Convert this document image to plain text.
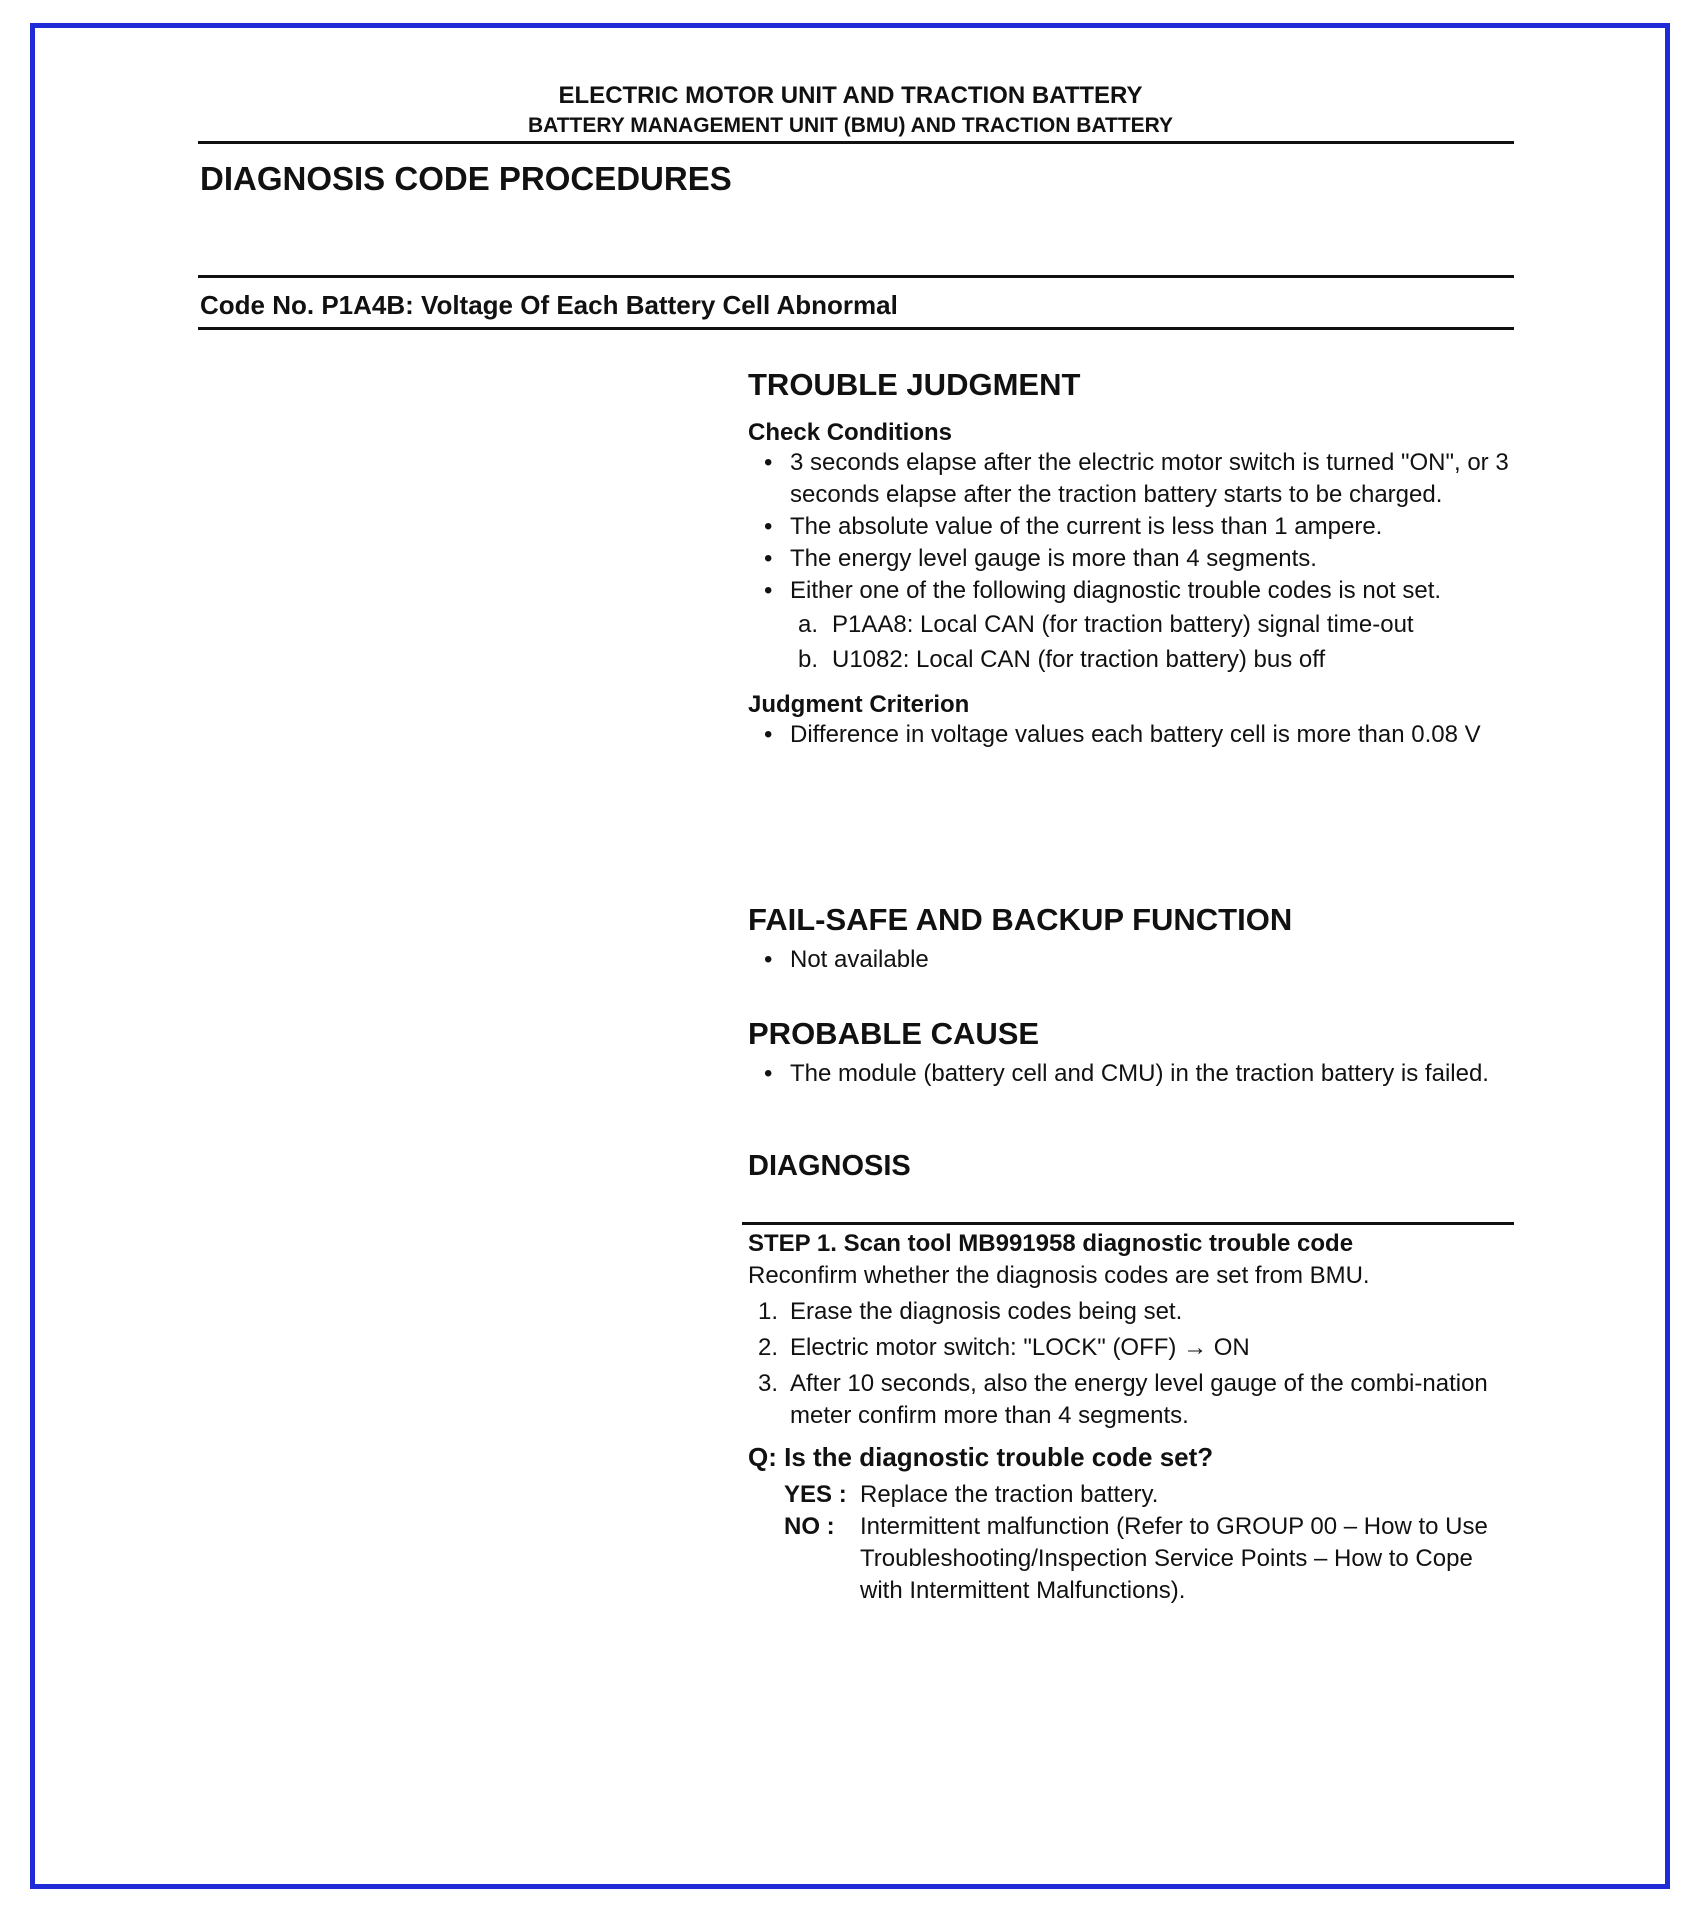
ELECTRIC MOTOR UNIT AND TRACTION BATTERY
BATTERY MANAGEMENT UNIT (BMU) AND TRACTION BATTERY
DIAGNOSIS CODE PROCEDURES
Code No. P1A4B: Voltage Of Each Battery Cell Abnormal
TROUBLE JUDGMENT
Check Conditions
• 3 seconds elapse after the electric motor switch is turned "ON", or 3 seconds elapse after the traction battery starts to be charged.
• The absolute value of the current is less than 1 ampere.
• The energy level gauge is more than 4 segments.
• Either one of the following diagnostic trouble codes is not set.
a. P1AA8: Local CAN (for traction battery) signal time-out
b. U1082: Local CAN (for traction battery) bus off
Judgment Criterion
• Difference in voltage values each battery cell is more than 0.08 V
FAIL-SAFE AND BACKUP FUNCTION
• Not available
PROBABLE CAUSE
• The module (battery cell and CMU) in the traction battery is failed.
DIAGNOSIS
STEP 1. Scan tool MB991958 diagnostic trouble code
Reconfirm whether the diagnosis codes are set from BMU.
1. Erase the diagnosis codes being set.
2. Electric motor switch: "LOCK" (OFF) → ON
3. After 10 seconds, also the energy level gauge of the combi-nation meter confirm more than 4 segments.
Q: Is the diagnostic trouble code set?
YES : Replace the traction battery.
NO : Intermittent malfunction (Refer to GROUP 00 – How to Use Troubleshooting/Inspection Service Points – How to Cope with Intermittent Malfunctions).
